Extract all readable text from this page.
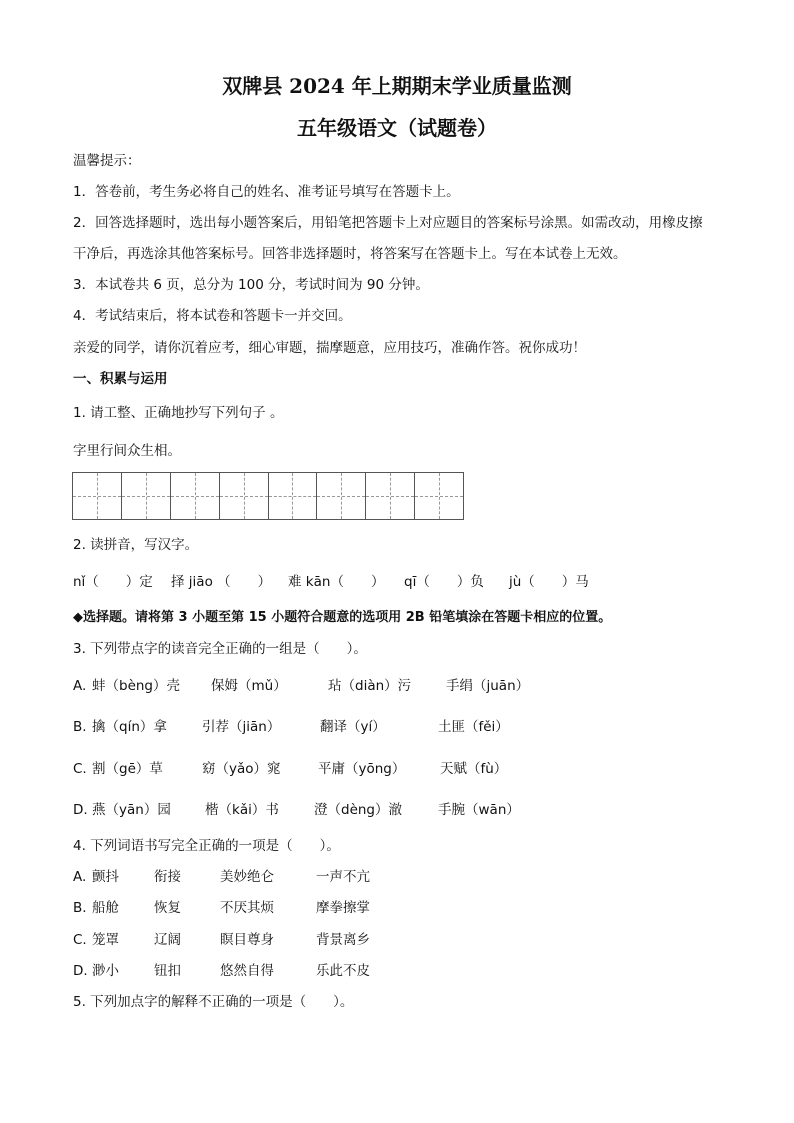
双牌县 2024 年上期期末学业质量监测
五年级语文（试题卷）
温馨提示：
1．答卷前，考生务必将自己的姓名、准考证号填写在答题卡上。
2．回答选择题时，选出每小题答案后，用铅笔把答题卡上对应题目的答案标号涂黑。如需改动，用橡皮擦
干净后，再选涂其他答案标号。回答非选择题时，将答案写在答题卡上。写在本试卷上无效。
3．本试卷共 6 页，总分为 100 分，考试时间为 90 分钟。
4．考试结束后，将本试卷和答题卡一并交回。
亲爱的同学，请你沉着应考，细心审题，揣摩题意，应用技巧，准确作答。祝你成功！
一、积累与运用
1. 请工整、正确地抄写下列句子 。
字里行间众生相。
2. 读拼音，写汉字。
nǐ（　　）定 择 jiāo （　　） 难 kān（　　） qī（　　）负 jù（　　）马
◆选择题。请将第 3 小题至第 15 小题符合题意的选项用 2B 铅笔填涂在答题卡相应的位置。
3. 下列带点字的读音完全正确的一组是（　　）。
A. 蚌（bèng）壳 保姆（mǔ）	玷（diàn）污	手绢（juān）
B. 擒（qín）拿	引荐（jiān）	翻译（yí）	土匪（fěi）
C. 割（gē）草	窈（yǎo）窕	平庸（yōng）	天赋（fù）
D. 燕（yān）园	楷（kǎi）书	澄（dèng）澈	手腕（wān）
4. 下列词语书写完全正确的一项是（　　）。
A. 颤抖	衔接	美妙绝仑	一声不亢
B. 船舱	恢复	不厌其烦	摩拳擦掌
C. 笼罩	辽阔	瞑目尊身	背景离乡
D. 渺小	钮扣	悠然自得	乐此不皮
5. 下列加点字的解释不正确的一项是（　　）。
